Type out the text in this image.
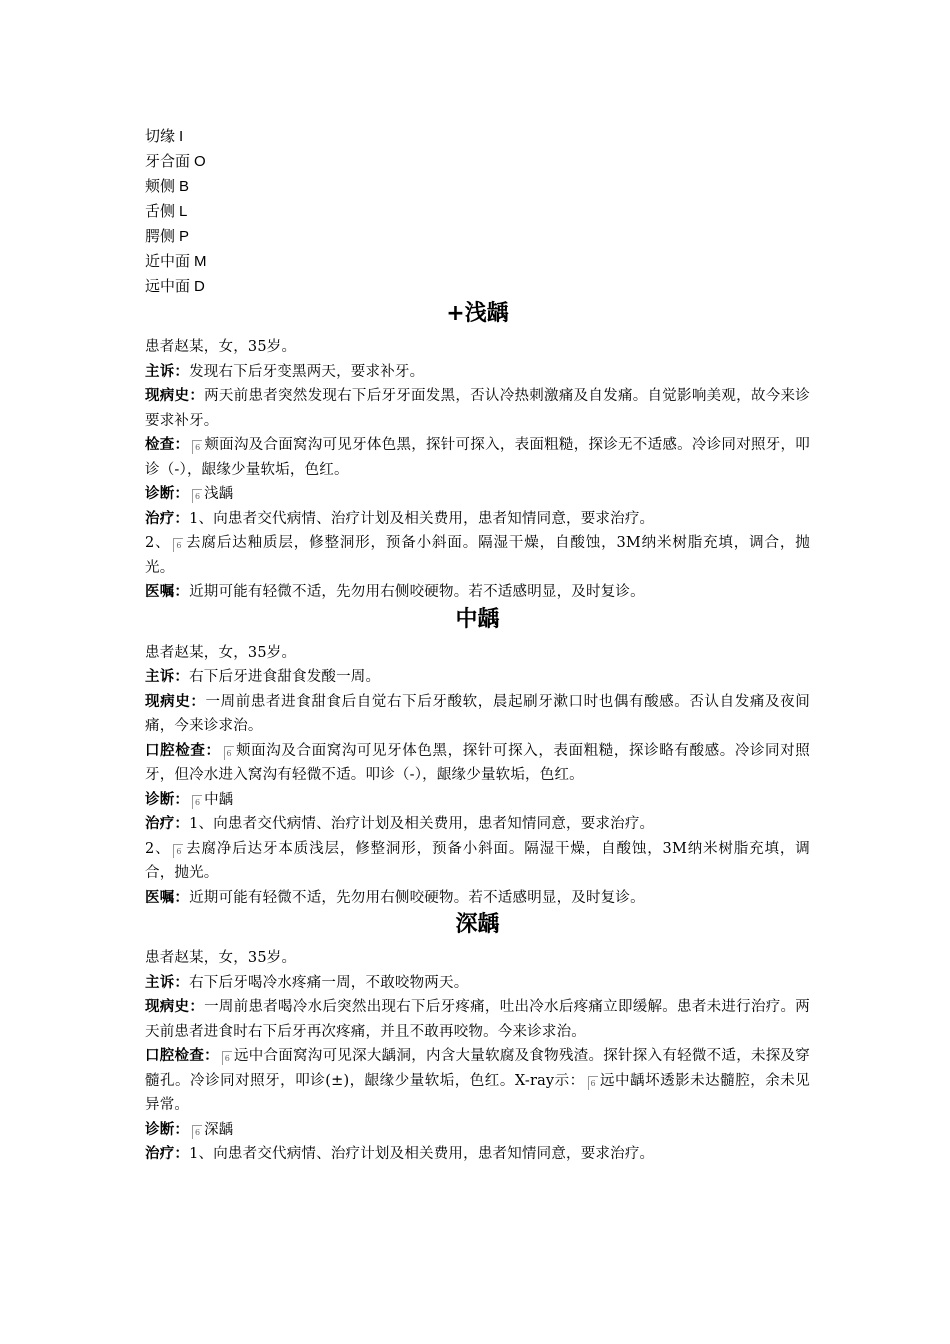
切缘 I
牙合面 O
颊侧 B
舌侧 L
腭侧 P
近中面 M
远中面 D
+浅龋
患者赵某，女，35岁。
主诉：发现右下后牙变黑两天，要求补牙。
现病史：两天前患者突然发现右下后牙牙面发黑，否认冷热刺激痛及自发痛。自觉影响美观，故今来诊要求补牙。
检查： 6 颊面沟及合面窝沟可见牙体色黑，探针可探入，表面粗糙，探诊无不适感。冷诊同对照牙，叩诊（-），龈缘少量软垢，色红。
诊断： 6 浅龋
治疗：1、向患者交代病情、治疗计划及相关费用，患者知情同意，要求治疗。
2、 6 去腐后达釉质层，修整洞形，预备小斜面。隔湿干燥，自酸蚀，3M纳米树脂充填，调合，抛光。
医嘱：近期可能有轻微不适，先勿用右侧咬硬物。若不适感明显，及时复诊。
中龋
患者赵某，女，35岁。
主诉：右下后牙进食甜食发酸一周。
现病史：一周前患者进食甜食后自觉右下后牙酸软，晨起刷牙漱口时也偶有酸感。否认自发痛及夜间痛，今来诊求治。
口腔检查： 6 颊面沟及合面窝沟可见牙体色黑，探针可探入，表面粗糙，探诊略有酸感。冷诊同对照牙，但冷水进入窝沟有轻微不适。叩诊（-），龈缘少量软垢，色红。
诊断： 6 中龋
治疗：1、向患者交代病情、治疗计划及相关费用，患者知情同意，要求治疗。
2、 6 去腐净后达牙本质浅层，修整洞形，预备小斜面。隔湿干燥，自酸蚀，3M纳米树脂充填，调合，抛光。
医嘱：近期可能有轻微不适，先勿用右侧咬硬物。若不适感明显，及时复诊。
深龋
患者赵某，女，35岁。
主诉：右下后牙喝冷水疼痛一周，不敢咬物两天。
现病史：一周前患者喝冷水后突然出现右下后牙疼痛，吐出冷水后疼痛立即缓解。患者未进行治疗。两天前患者进食时右下后牙再次疼痛，并且不敢再咬物。今来诊求治。
口腔检查： 6 远中合面窝沟可见深大龋洞，内含大量软腐及食物残渣。探针探入有轻微不适，未探及穿髓孔。冷诊同对照牙，叩诊(±)，龈缘少量软垢，色红。X-ray示： 6 远中龋坏透影未达髓腔，余未见异常。
诊断： 6 深龋
治疗：1、向患者交代病情、治疗计划及相关费用，患者知情同意，要求治疗。
